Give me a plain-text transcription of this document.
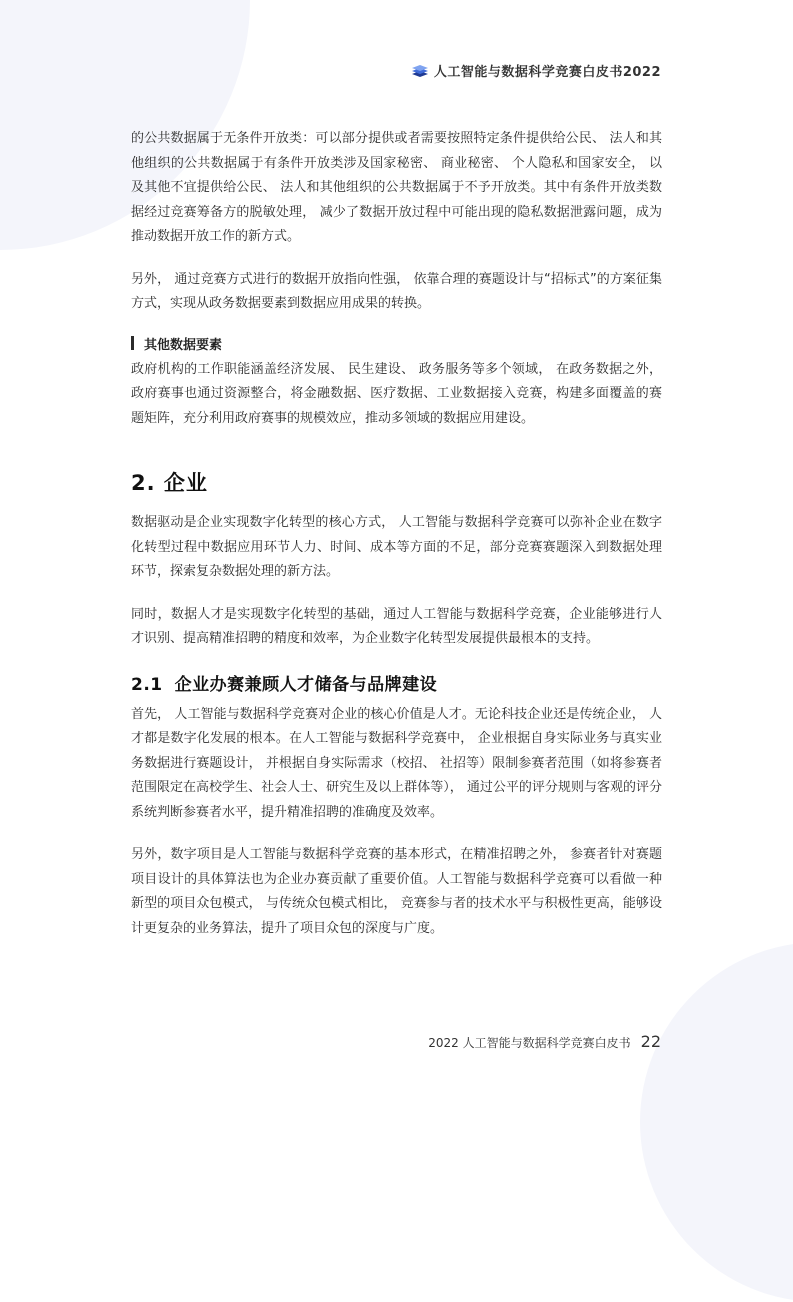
人工智能与数据科学竞赛白皮书2022

的公共数据属于无条件开放类：可以部分提供或者需要按照特定条件提供给公民、 法人和其他组织的公共数据属于有条件开放类涉及国家秘密、 商业秘密、 个人隐私和国家安全， 以及其他不宜提供给公民、 法人和其他组织的公共数据属于不予开放类。其中有条件开放类数据经过竞赛筹备方的脱敏处理， 减少了数据开放过程中可能出现的隐私数据泄露问题，成为推动数据开放工作的新方式。

另外， 通过竞赛方式进行的数据开放指向性强， 依靠合理的赛题设计与“招标式”的方案征集方式，实现从政务数据要素到数据应用成果的转换。

其他数据要素

政府机构的工作职能涵盖经济发展、 民生建设、 政务服务等多个领域， 在政务数据之外，政府赛事也通过资源整合，将金融数据、医疗数据、工业数据接入竞赛，构建多面覆盖的赛题矩阵，充分利用政府赛事的规模效应，推动多领域的数据应用建设。

2. 企业

数据驱动是企业实现数字化转型的核心方式， 人工智能与数据科学竞赛可以弥补企业在数字化转型过程中数据应用环节人力、时间、成本等方面的不足，部分竞赛赛题深入到数据处理环节，探索复杂数据处理的新方法。

同时，数据人才是实现数字化转型的基础，通过人工智能与数据科学竞赛，企业能够进行人才识别、提高精准招聘的精度和效率，为企业数字化转型发展提供最根本的支持。

2.1 企业办赛兼顾人才储备与品牌建设

首先， 人工智能与数据科学竞赛对企业的核心价值是人才。无论科技企业还是传统企业， 人才都是数字化发展的根本。在人工智能与数据科学竞赛中， 企业根据自身实际业务与真实业务数据进行赛题设计， 并根据自身实际需求（校招、 社招等）限制参赛者范围（如将参赛者范围限定在高校学生、社会人士、研究生及以上群体等）， 通过公平的评分规则与客观的评分系统判断参赛者水平，提升精准招聘的准确度及效率。

另外，数字项目是人工智能与数据科学竞赛的基本形式，在精准招聘之外， 参赛者针对赛题项目设计的具体算法也为企业办赛贡献了重要价值。人工智能与数据科学竞赛可以看做一种新型的项目众包模式， 与传统众包模式相比， 竞赛参与者的技术水平与积极性更高，能够设计更复杂的业务算法，提升了项目众包的深度与广度。

2022 人工智能与数据科学竞赛白皮书 22
